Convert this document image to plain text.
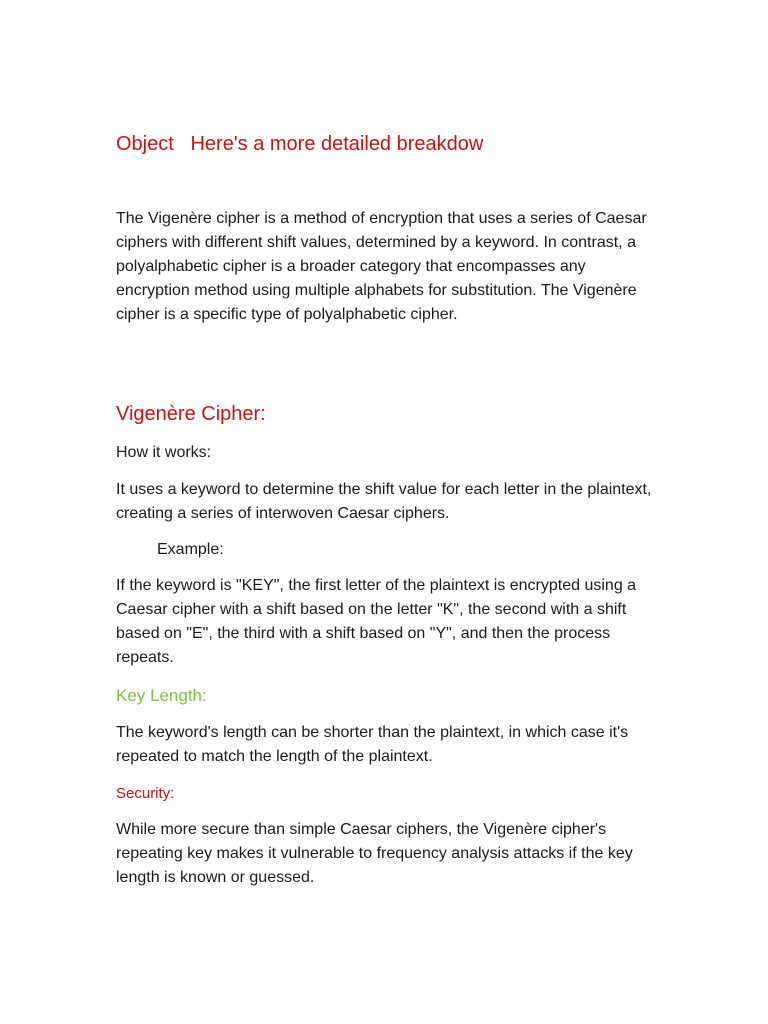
Object   Here's a more detailed breakdow

The Vigenère cipher is a method of encryption that uses a series of Caesar ciphers with different shift values, determined by a keyword. In contrast, a polyalphabetic cipher is a broader category that encompasses any encryption method using multiple alphabets for substitution. The Vigenère cipher is a specific type of polyalphabetic cipher.

Vigenère Cipher:

How it works:

It uses a keyword to determine the shift value for each letter in the plaintext, creating a series of interwoven Caesar ciphers.

Example:

If the keyword is "KEY", the first letter of the plaintext is encrypted using a Caesar cipher with a shift based on the letter "K", the second with a shift based on "E", the third with a shift based on "Y", and then the process repeats.

Key Length:

The keyword's length can be shorter than the plaintext, in which case it's repeated to match the length of the plaintext.

Security:

While more secure than simple Caesar ciphers, the Vigenère cipher's repeating key makes it vulnerable to frequency analysis attacks if the key length is known or guessed.
